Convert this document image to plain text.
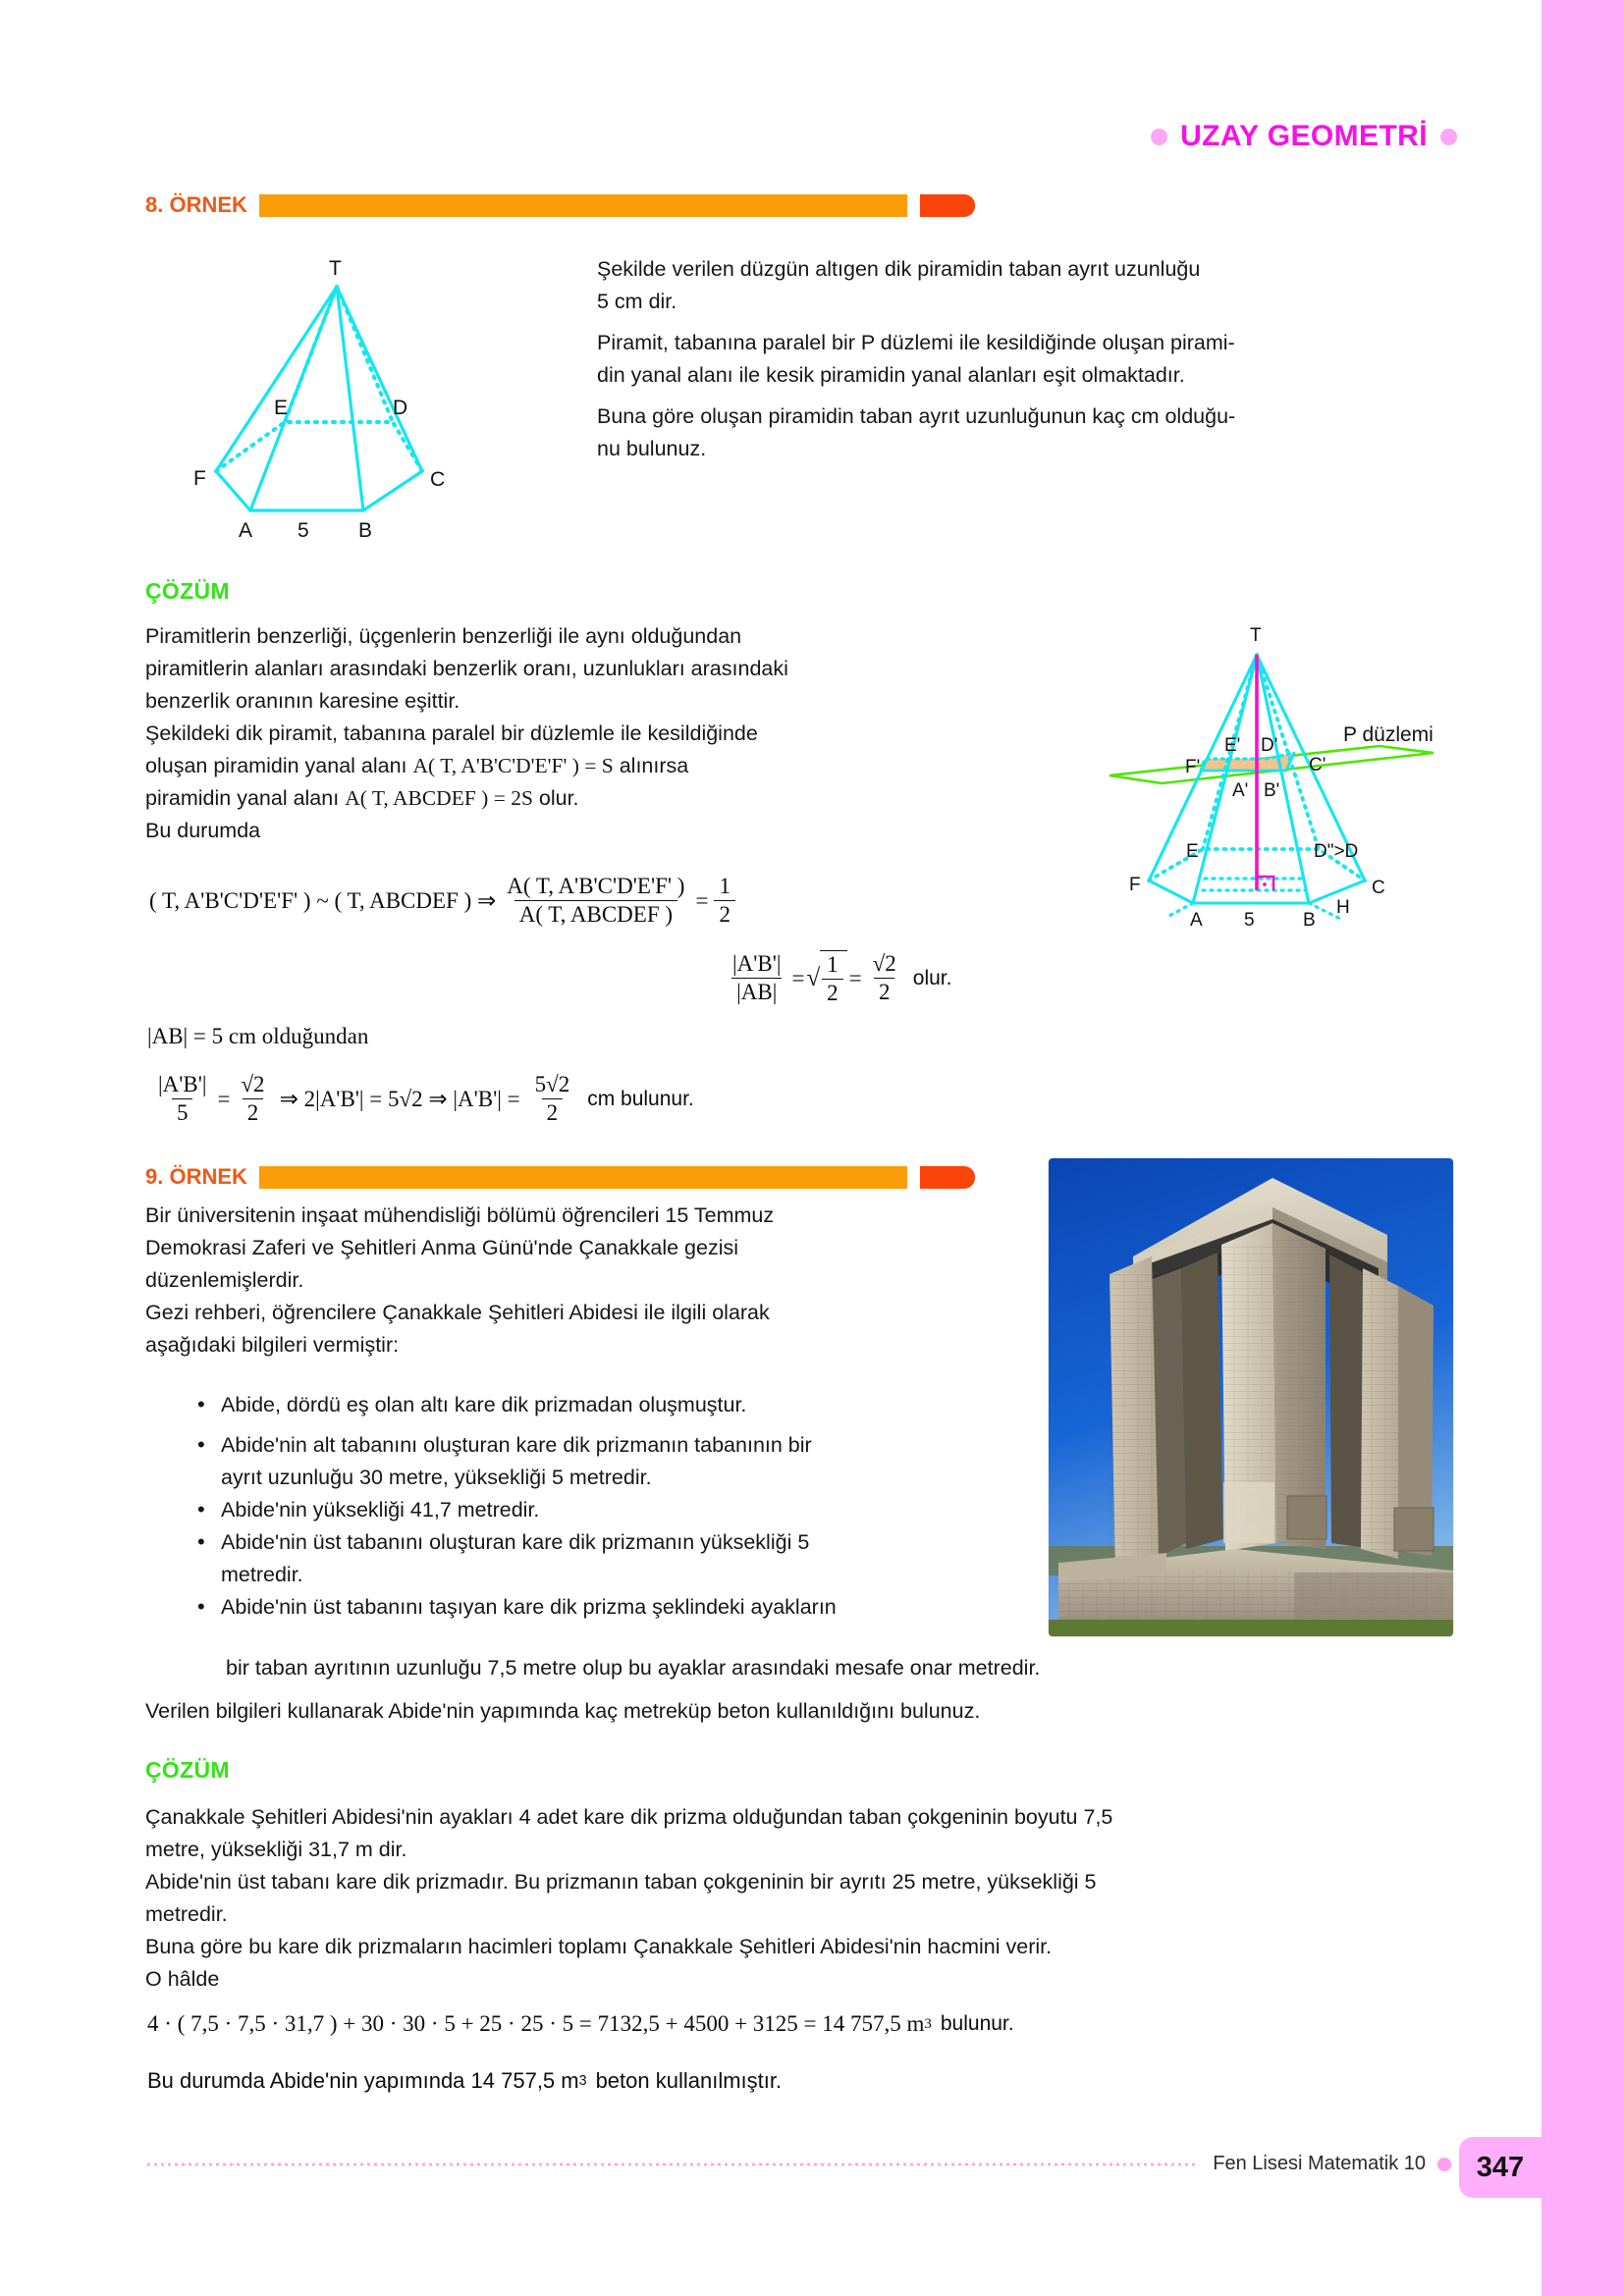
UZAY GEOMETRİ
8. ÖRNEK
T
A	B
C
D
E
F
5

Şekilde verilen düzgün altıgen dik piramidin taban ayrıt uzunluğu
5 cm dir.

Piramit, tabanına paralel bir P düzlemi ile kesildiğinde oluşan pirami-
din yanal alanı ile kesik piramidin yanal alanları eşit olmaktadır.

Buna göre oluşan piramidin taban ayrıt uzunluğunun kaç cm olduğu-
nu bulunuz.

ÇÖZÜM

Piramitlerin benzerliği, üçgenlerin benzerliği ile aynı olduğundan

piramitlerin alanları arasındaki benzerlik oranı, uzunlukları arasındaki

benzerlik oranının karesine eşittir.

Şekildeki dik piramit, tabanına paralel bir düzlemle ile kesildiğinde

oluşan piramidin yanal alanı A( T, A'B'C'D'E'F' ) = S alınırsa

piramidin yanal alanı A( T, ABCDEF ) = 2S olur.

Bu durumda

( T, A'B'C'D'E'F' ) ~ ( T, ABCDEF ) ⇒ $\frac{A( T, A'B'C'D'E'F' )}{\text{A( T, ABCDEF )}} = \frac{1}{2}$
$\frac{|A'B'|}{|AB|}$ = √ $\frac{1}{2} = \frac{√2}{2}$ olur.
|AB| = 5 cm olduğundan
$\frac{|A'B'|}{5} = \frac{√2}{2}$ ⇒ 2|A'B'| = 5√2 ⇒ $|A'B'| = \frac{5√2}{2}$ cm bulunur.
T
P düzlemi
E' D'
F'	C'
A' B'
E	D">D
F	C
H
A	B
5
9. ÖRNEK

Bir üniversitenin inşaat mühendisliği bölümü öğrencileri 15 Temmuz

Demokrasi Zaferi ve Şehitleri Anma Günü'nde Çanakkale gezisi

düzenlemişlerdir.

Gezi rehberi, öğrencilere Çanakkale Şehitleri Abidesi ile ilgili olarak

aşağıdaki bilgileri vermiştir:

• Abide, dördü eş olan altı kare dik prizmadan oluşmuştur.
• Abide'nin alt tabanını oluşturan kare dik prizmanın tabanının bir
ayrıt uzunluğu 30 metre, yüksekliği 5 metredir.
• Abide'nin yüksekliği 41,7 metredir.
• Abide'nin üst tabanını oluşturan kare dik prizmanın yüksekliği 5
metredir.
• Abide'nin üst tabanını taşıyan kare dik prizma şeklindeki ayakların
bir taban ayrıtının uzunluğu 7,5 metre olup bu ayaklar arasındaki mesafe onar metredir.
Verilen bilgileri kullanarak Abide'nin yapımında kaç metreküp beton kullanıldığını bulunuz.
ÇÖZÜM

Çanakkale Şehitleri Abidesi'nin ayakları 4 adet kare dik prizma olduğundan taban çokgeninin boyutu 7,5

metre, yüksekliği 31,7 m dir.

Abide'nin üst tabanı kare dik prizmadır. Bu prizmanın taban çokgeninin bir ayrıtı 25 metre, yüksekliği 5

metredir.

Buna göre bu kare dik prizmaların hacimleri toplamı Çanakkale Şehitleri Abidesi'nin hacmini verir.

O hâlde

4 · ( 7,5 · 7,5 · 31,7 ) + 30 · 30 · 5 + 25 · 25 · 5 = 7132,5 + 4500 + 3125 = 14 757,5 m 3 bulunur.
Bu durumda Abide'nin yapımında 14 757,5 m 3 beton kullanılmıştır.
Fen Lisesi Matematik 10 347
